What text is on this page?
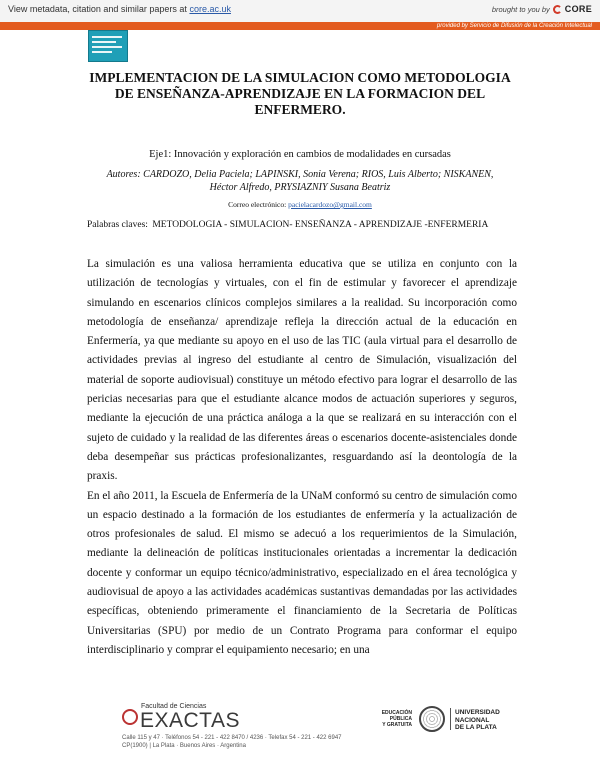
View metadata, citation and similar papers at core.ac.uk	brought to you by CORE
provided by Servicio de Difusión de la Creación Intelectual
IMPLEMENTACION DE LA SIMULACION COMO METODOLOGIA
DE ENSEÑANZA-APRENDIZAJE EN LA FORMACION DEL
ENFERMERO.
Eje1: Innovación y exploración en cambios de modalidades en cursadas
Autores: CARDOZO, Delia Paciela; LAPINSKI, Sonia Verena; RIOS, Luis Alberto; NISKANEN,
Héctor Alfredo, PRYSIAZNIY Susana Beatriz
Correo electrónico: pacielacardozo@gmail.com
Palabras claves: METODOLOGIA - SIMULACION- ENSEÑANZA - APRENDIZAJE -ENFERMERIA

La simulación es una valiosa herramienta educativa que se utiliza en conjunto con la utilización de tecnologías y virtuales, con el fin de estimular y favorecer el aprendizaje simulando en escenarios clínicos complejos similares a la realidad. Su incorporación como metodología de enseñanza/ aprendizaje refleja la dirección actual de la educación en Enfermería, ya que mediante su apoyo en el uso de las TIC (aula virtual para el desarrollo de actividades previas al ingreso del estudiante al centro de Simulación, visualización del material de soporte audiovisual) constituye un método efectivo para lograr el desarrollo de las pericias necesarias para que el estudiante alcance modos de actuación superiores y seguros, mediante la ejecución de una práctica análoga a la que se realizará en su interacción con el sujeto de cuidado y la realidad de las diferentes áreas o escenarios docente-asistenciales donde deba desempeñar sus prácticas profesionalizantes, resguardando así la deontología de la praxis.

En el año 2011, la Escuela de Enfermería de la UNaM conformó su centro de simulación como un espacio destinado a la formación de los estudiantes de enfermería y la actualización de otros profesionales de salud. El mismo se adecuó a los requerimientos de la Simulación, mediante la delineación de políticas institucionales orientadas a incrementar la dedicación docente y conformar un equipo técnico/administrativo, especializado en el área tecnológica y audiovisual de apoyo a las actividades académicas sustantivas demandadas por las actividades específicas, obteniendo primeramente el financiamiento de la Secretaria de Políticas Universitarias (SPU) por medio de un Contrato Programa para conformar el equipo interdisciplinario y comprar el equipamiento necesario; en una

Facultad de Ciencias
EXACTAS
Calle 115 y 47 · Teléfonos 54 - 221 - 422 8470 / 4236 · Telefax 54 - 221 - 422 6947
CP(1900) | La Plata · Buenos Aires · Argentina
EDUCACIÓN
PÚBLICA
Y GRATUITA
UNIVERSIDAD
NACIONAL
DE LA PLATA
